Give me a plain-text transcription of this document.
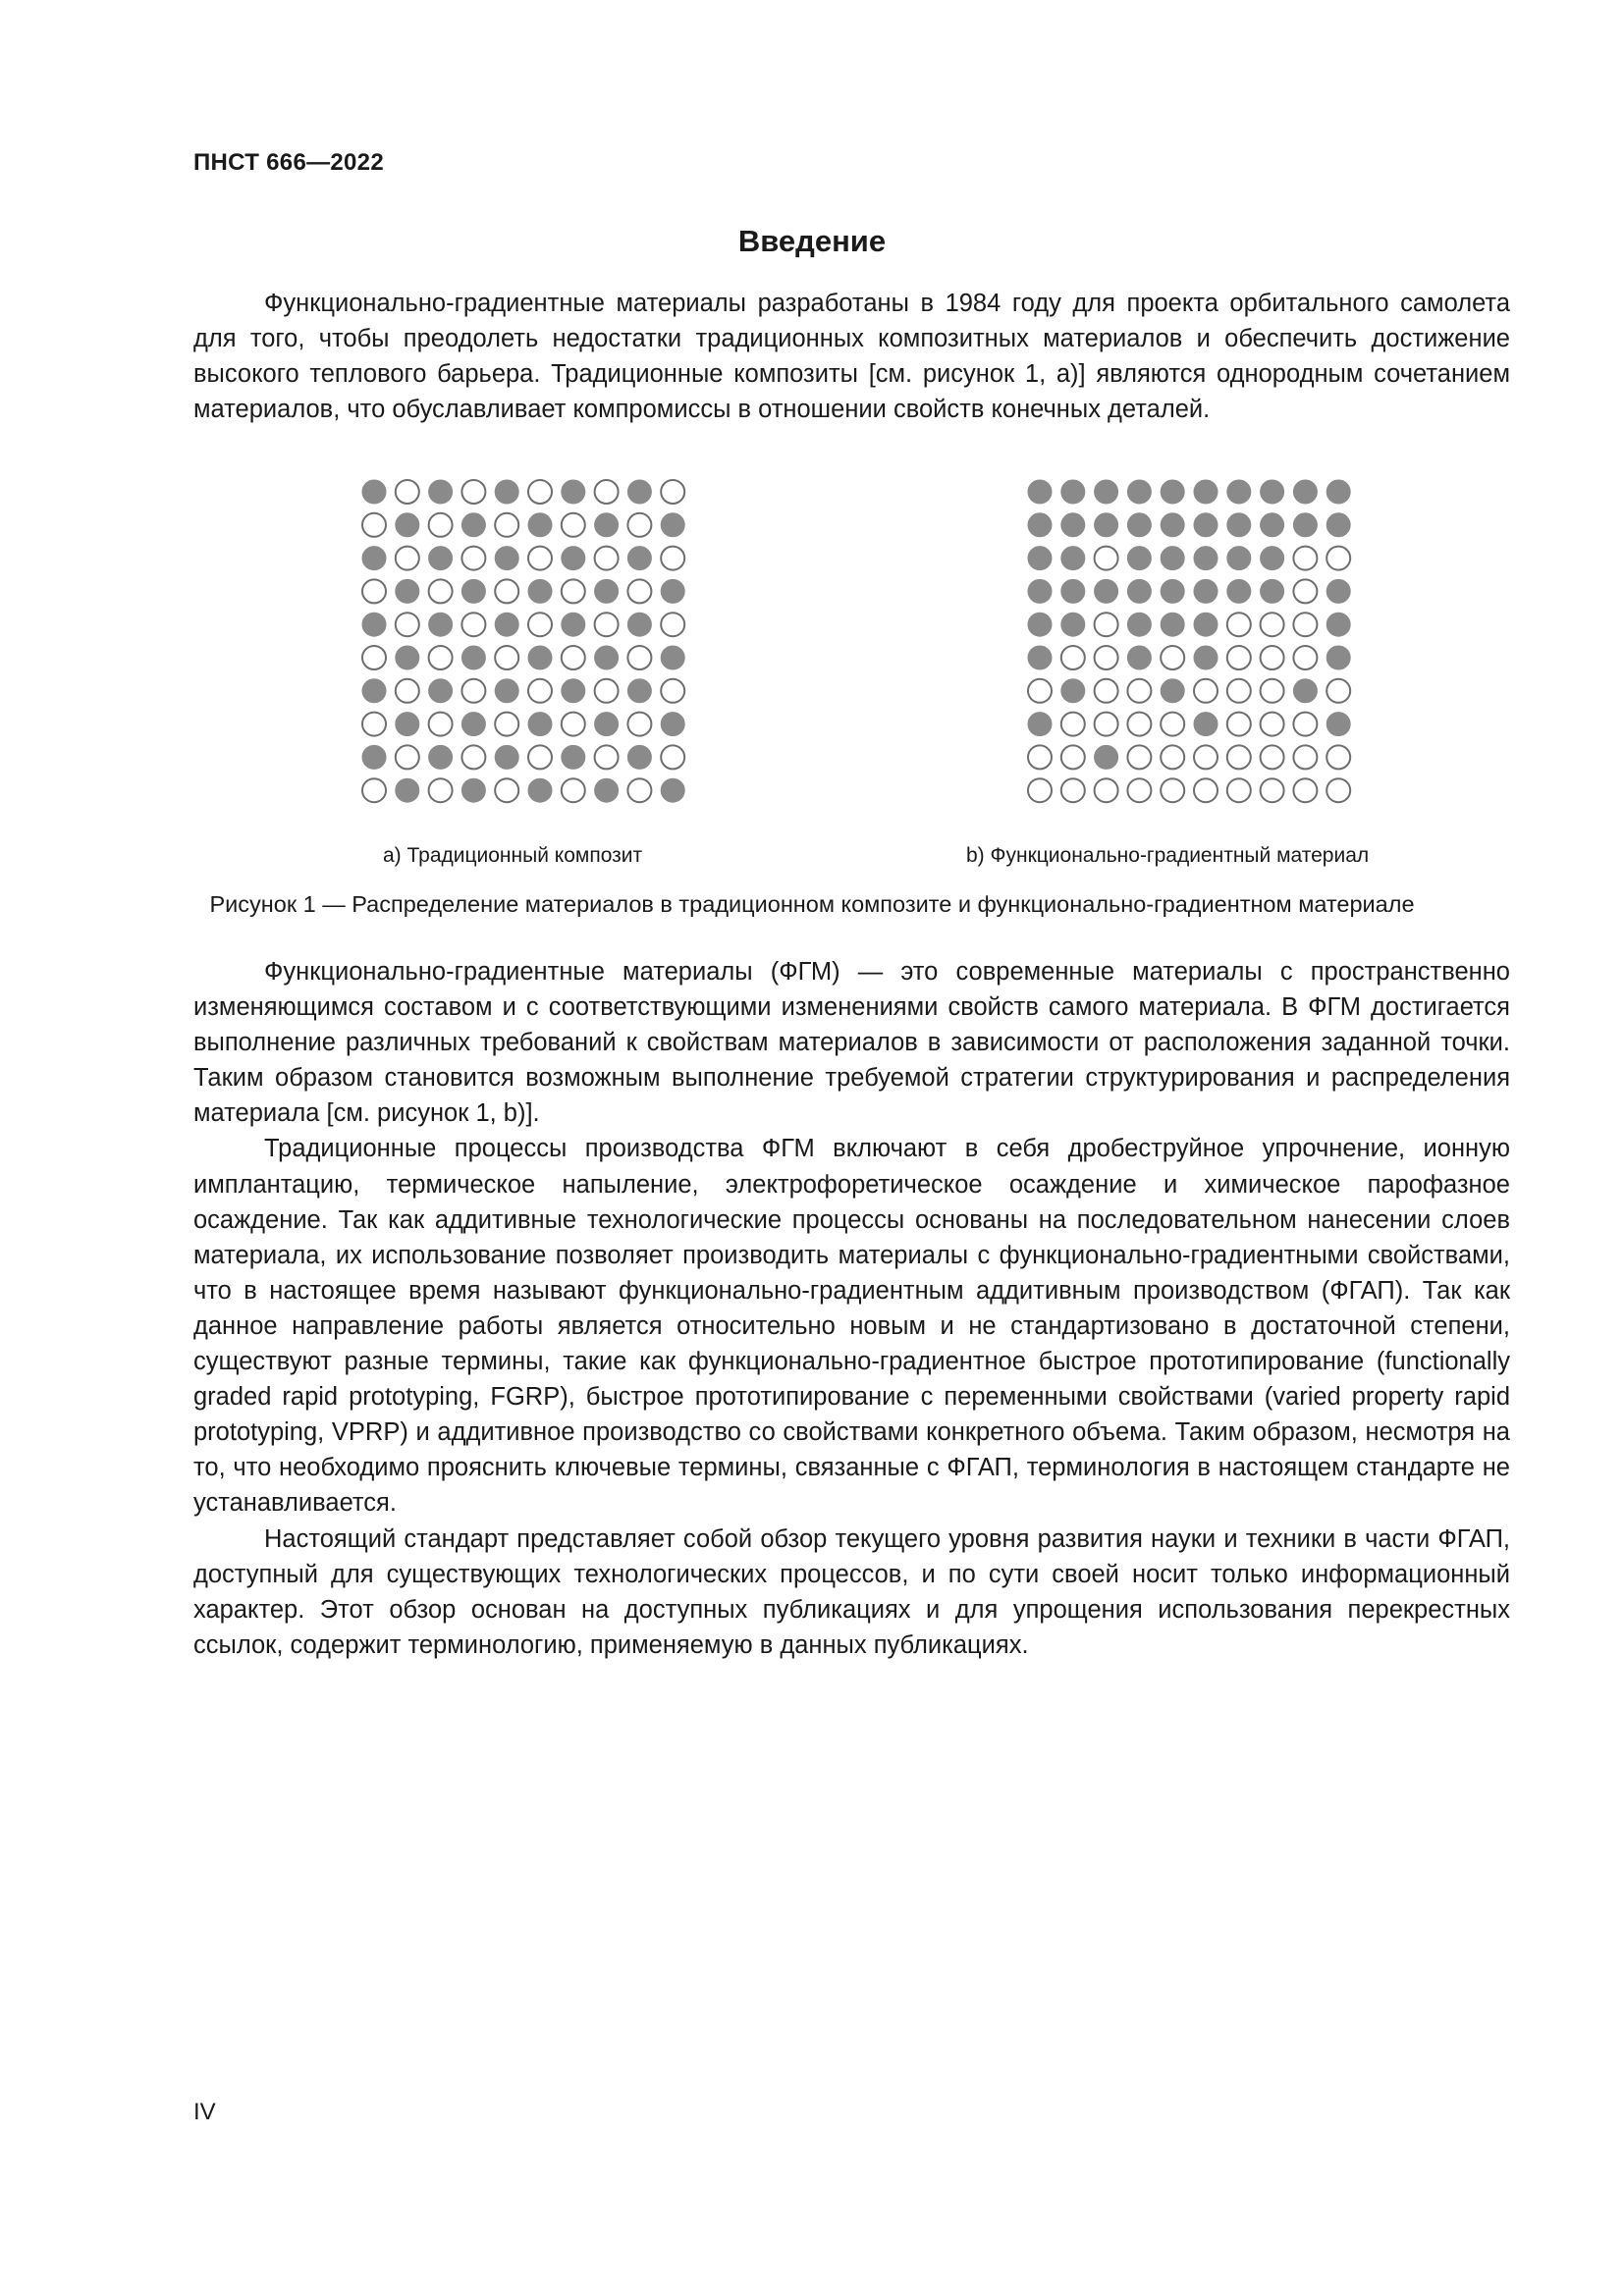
ПНСТ 666—2022
Введение

Функционально-градиентные материалы разработаны в 1984 году для проекта орбитального самолета для того, чтобы преодолеть недостатки традиционных композитных материалов и обеспечить достижение высокого теплового барьера. Традиционные композиты [см. рисунок 1, a)] являются однородным сочетанием материалов, что обуславливает компромиссы в отношении свойств конечных деталей.

а) Традиционный композит	b) Функционально-градиентный материал
Рисунок 1 — Распределение материалов в традиционном композите и функционально-градиентном материале

Функционально-градиентные материалы (ФГМ) — это современные материалы с пространственно изменяющимся составом и с соответствующими изменениями свойств самого материала. В ФГМ достигается выполнение различных требований к свойствам материалов в зависимости от расположения заданной точки. Таким образом становится возможным выполнение требуемой стратегии структурирования и распределения материала [см. рисунок 1, b)].

Традиционные процессы производства ФГМ включают в себя дробеструйное упрочнение, ионную имплантацию, термическое напыление, электрофоретическое осаждение и химическое парофазное осаждение. Так как аддитивные технологические процессы основаны на последовательном нанесении слоев материала, их использование позволяет производить материалы с функционально-градиентными свойствами, что в настоящее время называют функционально-градиентным аддитивным производством (ФГАП). Так как данное направление работы является относительно новым и не стандартизовано в достаточной степени, существуют разные термины, такие как функционально-градиентное быстрое прототипирование (functionally graded rapid prototyping, FGRP), быстрое прототипирование с переменными свойствами (varied property rapid prototyping, VPRP) и аддитивное производство со свойствами конкретного объема. Таким образом, несмотря на то, что необходимо прояснить ключевые термины, связанные с ФГАП, терминология в настоящем стандарте не устанавливается.

Настоящий стандарт представляет собой обзор текущего уровня развития науки и техники в части ФГАП, доступный для существующих технологических процессов, и по сути своей носит только информационный характер. Этот обзор основан на доступных публикациях и для упрощения использования перекрестных ссылок, содержит терминологию, применяемую в данных публикациях.

IV
